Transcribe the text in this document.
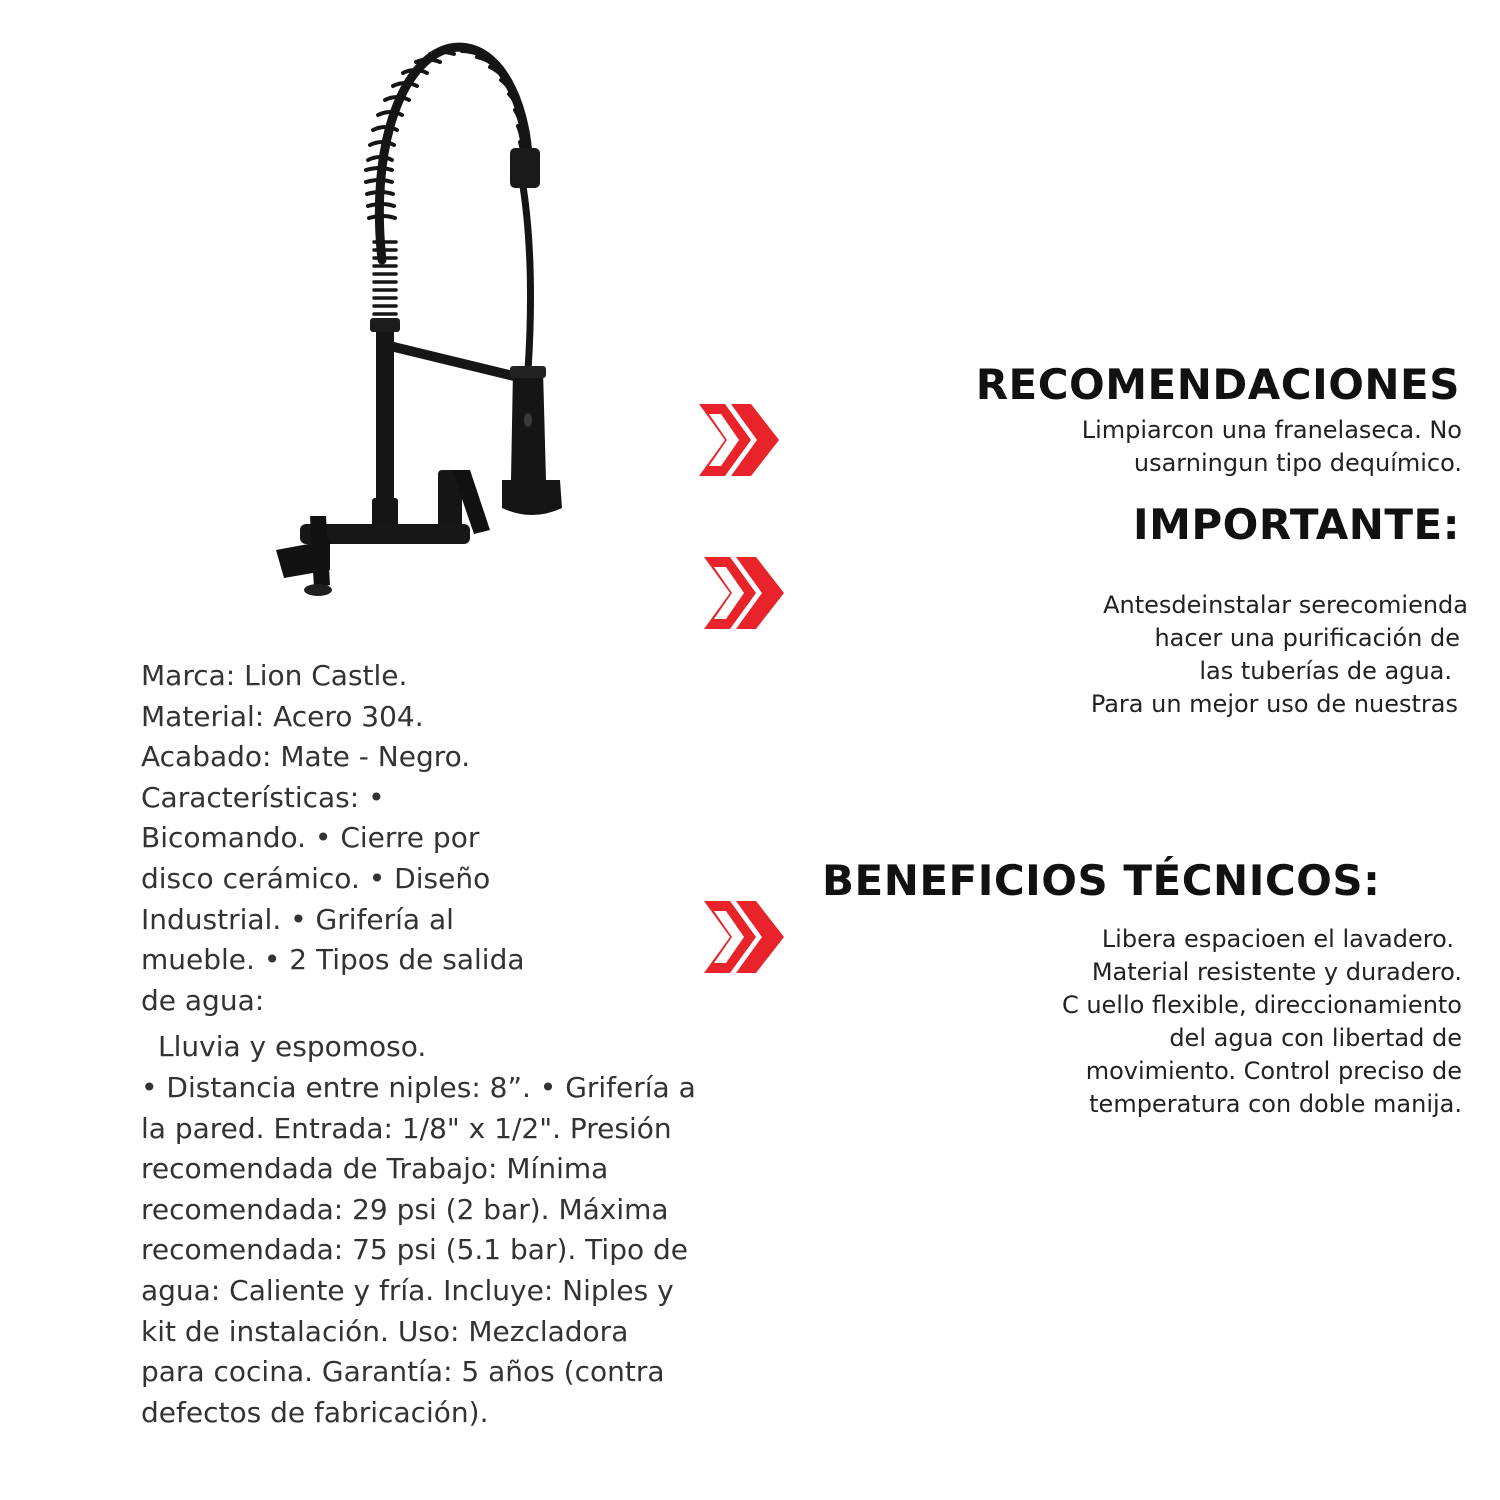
RECOMENDACIONES
Limpiarcon una franelaseca. No
usarningun tipo dequímico.
IMPORTANTE:
Antesdeinstalar serecomienda
hacer una purificación de
las tuberías de agua.
Para un mejor uso de nuestras
BENEFICIOS TÉCNICOS:
Libera espacioen el lavadero.
Material resistente y duradero.
C uello flexible, direccionamiento
del agua con libertad de
movimiento. Control preciso de
temperatura con doble manija.
Marca: Lion Castle.
Material: Acero 304.
Acabado: Mate - Negro.
Características: •
Bicomando. • Cierre por
disco cerámico. • Diseño
Industrial. • Grifería al
mueble. • 2 Tipos de salida
de agua:
Lluvia y espomoso.
• Distancia entre niples: 8”. • Grifería a
la pared. Entrada: 1/8" x 1/2". Presión
recomendada de Trabajo: Mínima
recomendada: 29 psi (2 bar). Máxima
recomendada: 75 psi (5.1 bar). Tipo de
agua: Caliente y fría. Incluye: Niples y
kit de instalación. Uso: Mezcladora
para cocina. Garantía: 5 años (contra
defectos de fabricación).
